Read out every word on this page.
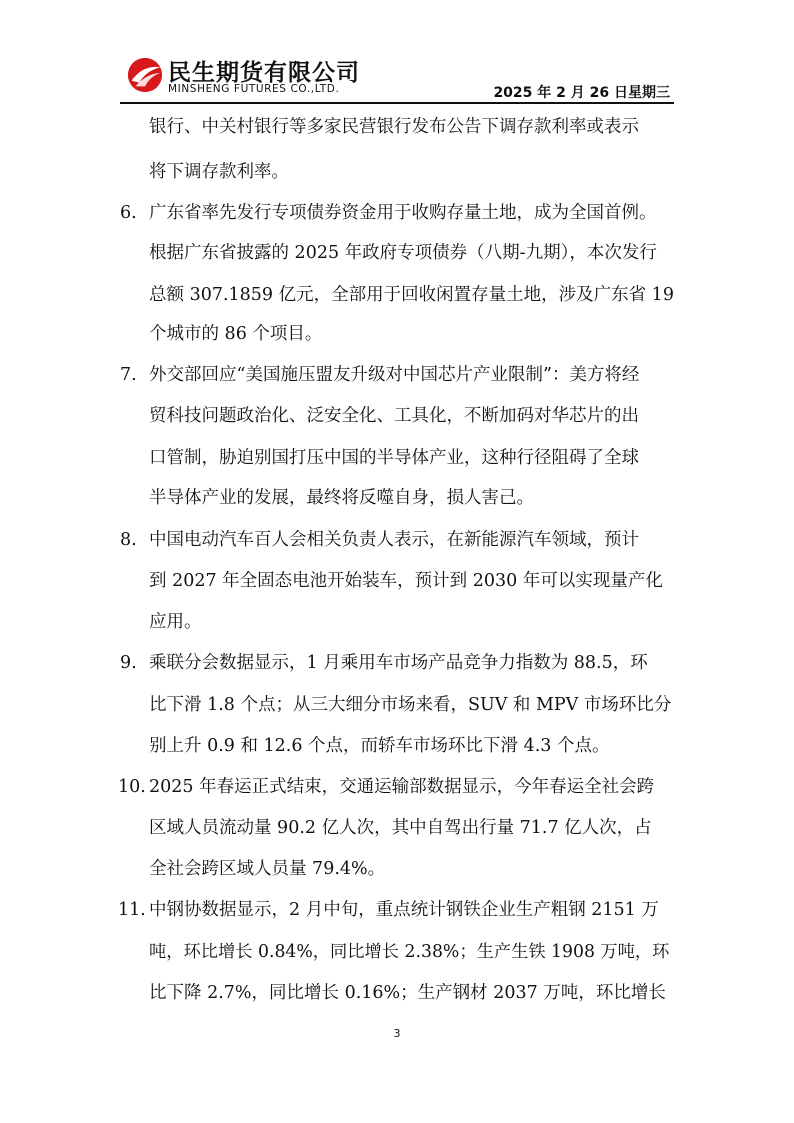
民生期货有限公司
MINSHENG FUTURES CO.,LTD.	2025 年 2 月 26 日星期三
银行、中关村银行等多家民营银行发布公告下调存款利率或表示
将下调存款利率。
6. 广东省率先发行专项债券资金用于收购存量土地，成为全国首例。
根据广东省披露的 2025 年政府专项债券（八期-九期），本次发行
总额 307.1859 亿元，全部用于回收闲置存量土地，涉及广东省 19
个城市的 86 个项目。
7. 外交部回应“美国施压盟友升级对中国芯片产业限制”：美方将经
贸科技问题政治化、泛安全化、工具化，不断加码对华芯片的出
口管制，胁迫别国打压中国的半导体产业，这种行径阻碍了全球
半导体产业的发展，最终将反噬自身，损人害己。
8. 中国电动汽车百人会相关负责人表示，在新能源汽车领域，预计
到 2027 年全固态电池开始装车，预计到 2030 年可以实现量产化
应用。
9. 乘联分会数据显示，1 月乘用车市场产品竞争力指数为 88.5，环
比下滑 1.8 个点；从三大细分市场来看，SUV 和 MPV 市场环比分
别上升 0.9 和 12.6 个点，而轿车市场环比下滑 4.3 个点。
10. 2025 年春运正式结束，交通运输部数据显示，今年春运全社会跨
区域人员流动量 90.2 亿人次，其中自驾出行量 71.7 亿人次，占
全社会跨区域人员量 79.4%。
11. 中钢协数据显示，2 月中旬，重点统计钢铁企业生产粗钢 2151 万
吨，环比增长 0.84%，同比增长 2.38%；生产生铁 1908 万吨，环
比下降 2.7%，同比增长 0.16%；生产钢材 2037 万吨，环比增长
3
